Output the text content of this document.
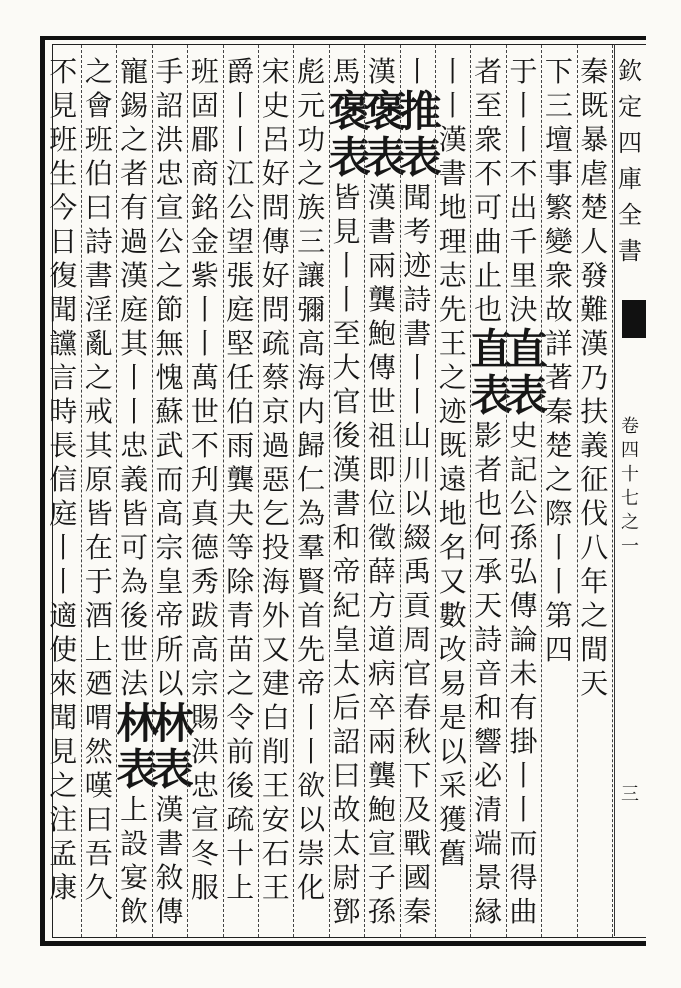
欽
定
四
庫
全
書
卷
四
十
七
之
一
三
秦
既
暴
虐
楚
人
發
難
漢
乃
扶
義
征
伐
八
年
之
間
天
下
三
壇
事
繁
變
衆
故
詳
著
秦
楚
之
際
丨
丨
第
四
于
丨
丨
不
出
千
里
決
直
表
史
記
公
孫
弘
傳
論
未
有
掛
丨
丨
而
得
曲
者
至
衆
不
可
曲
止
也
直
表
影
者
也
何
承
天
詩
音
和
響
必
清
端
景
縁
丨
丨
漢
書
地
理
志
先
王
之
迹
既
遠
地
名
又
數
改
易
是
以
采
獲
舊
丨
推
表
聞
考
迹
詩
書
丨
丨
山
川
以
綴
禹
貢
周
官
春
秋
下
及
戰
國
秦
漢
褒
表
漢
書
兩
龔
鮑
傳
世
祖
即
位
徵
薛
方
道
病
卒
兩
龔
鮑
宣
子
孫
馬
褒
表
皆
見
丨
丨
至
大
官
後
漢
書
和
帝
紀
皇
太
后
詔
曰
故
太
尉
鄧
彪
元
功
之
族
三
讓
彌
高
海
内
歸
仁
為
羣
賢
首
先
帝
丨
丨
欲
以
崇
化
宋
史
呂
好
問
傳
好
問
疏
蔡
京
過
惡
乞
投
海
外
又
建
白
削
王
安
石
王
爵
丨
丨
江
公
望
張
庭
堅
任
伯
雨
龔
夬
等
除
青
苗
之
令
前
後
疏
十
上
班
固
郿
商
銘
金
紫
丨
丨
萬
世
不
刋
真
德
秀
跋
高
宗
賜
洪
忠
宣
冬
服
手
詔
洪
忠
宣
公
之
節
無
愧
蘇
武
而
高
宗
皇
帝
所
以
林
表
漢
書
敘
傳
寵
錫
之
者
有
過
漢
庭
其
丨
丨
忠
義
皆
可
為
後
世
法
林
表
上
設
宴
飲
之
會
班
伯
曰
詩
書
淫
亂
之
戒
其
原
皆
在
于
酒
上
廼
喟
然
嘆
曰
吾
久
不
見
班
生
今
日
復
聞
讜
言
時
長
信
庭
丨
丨
適
使
來
聞
見
之
注
孟
康
